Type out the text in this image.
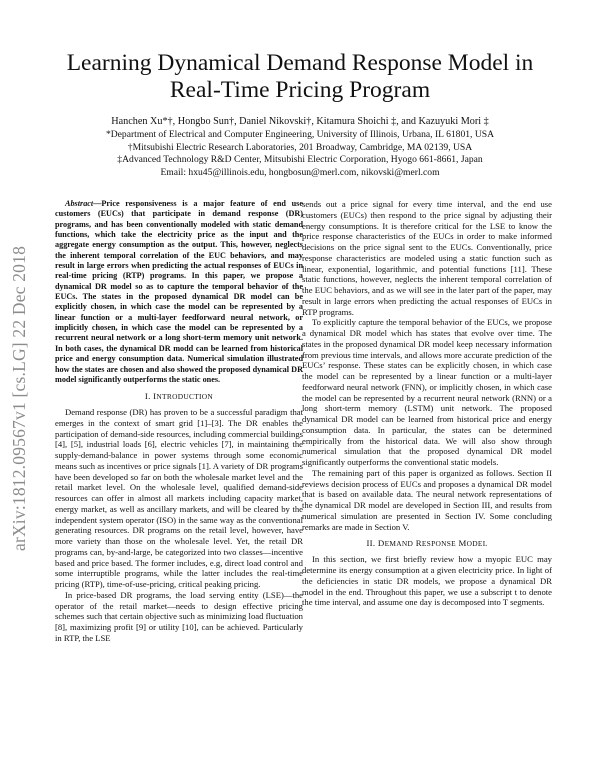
arXiv:1812.09567v1 [cs.LG] 22 Dec 2018
Learning Dynamical Demand Response Model in
Real-Time Pricing Program
Hanchen Xu*†, Hongbo Sun†, Daniel Nikovski†, Kitamura Shoichi ‡, and Kazuyuki Mori ‡
*Department of Electrical and Computer Engineering, University of Illinois, Urbana, IL 61801, USA
†Mitsubishi Electric Research Laboratories, 201 Broadway, Cambridge, MA 02139, USA
‡Advanced Technology R&D Center, Mitsubishi Electric Corporation, Hyogo 661-8661, Japan
Email: hxu45@illinois.edu, hongbosun@merl.com, nikovski@merl.com

Abstract—Price responsiveness is a major feature of end use customers (EUCs) that participate in demand response (DR) programs, and has been conventionally modeled with static demand functions, which take the electricity price as the input and the aggregate energy consumption as the output. This, however, neglects the inherent temporal correlation of the EUC behaviors, and may result in large errors when predicting the actual responses of EUCs in real-time pricing (RTP) programs. In this paper, we propose a dynamical DR model so as to capture the temporal behavior of the EUCs. The states in the proposed dynamical DR model can be explicitly chosen, in which case the model can be represented by a linear function or a multi-layer feedforward neural network, or implicitly chosen, in which case the model can be represented by a recurrent neural network or a long short-term memory unit network. In both cases, the dynamical DR modd can be learned from historical price and energy consumption data. Numerical simulation illustrated how the states are chosen and also showed the proposed dynamical DR model significantly outperforms the static ones.

I. INTRODUCTION

Demand response (DR) has proven to be a successful paradigm that emerges in the context of smart grid [1]–[3]. The DR enables the participation of demand-side resources, including commercial buildings [4], [5], industrial loads [6], electric vehicles [7], in maintaining the supply-demand-balance in power systems through some economic means such as incentives or price signals [1]. A variety of DR programs have been developed so far on both the wholesale market level and the retail market level. On the wholesale level, qualified demand-side resources can offer in almost all markets including capacity market, energy market, as well as ancillary markets, and will be cleared by the independent system operator (ISO) in the same way as the conventional generating resources. DR programs on the retail level, however, have more variety than those on the wholesale level. Yet, the retail DR programs can, by-and-large, be categorized into two classes—incentive based and price based. The former includes, e.g, direct load control and some interruptible programs, while the latter includes the real-time pricing (RTP), time-of-use-pricing, critical peaking pricing.

In price-based DR programs, the load serving entity (LSE)—the operator of the retail market—needs to design effective pricing schemes such that certain objective such as minimizing load fluctuation [8], maximizing profit [9] or utility [10], can be achieved. Particularly in RTP, the LSE

sends out a price signal for every time interval, and the end use customers (EUCs) then respond to the price signal by adjusting their energy consumptions. It is therefore critical for the LSE to know the price response characteristics of the EUCs in order to make informed decisions on the price signal sent to the EUCs. Conventionally, price response characteristics are modeled using a static function such as linear, exponential, logarithmic, and potential functions [11]. These static functions, however, neglects the inherent temporal correlation of the EUC behaviors, and as we will see in the later part of the paper, may result in large errors when predicting the actual responses of EUCs in RTP programs.

To explicitly capture the temporal behavior of the EUCs, we propose a dynamical DR model which has states that evolve over time. The states in the proposed dynamical DR model keep necessary information from previous time intervals, and allows more accurate prediction of the EUCs’ response. These states can be explicitly chosen, in which case the model can be represented by a linear function or a multi-layer feedforward neural network (FNN), or implicitly chosen, in which case the model can be represented by a recurrent neural network (RNN) or a long short-term memory (LSTM) unit network. The proposed dynamical DR model can be learned from historical price and energy consumption data. In particular, the states can be determined empirically from the historical data. We will also show through numerical simulation that the proposed dynamical DR model significantly outperforms the conventional static models.

The remaining part of this paper is organized as follows. Section II reviews decision process of EUCs and proposes a dynamical DR model that is based on available data. The neural network representations of the dynamical DR model are developed in Section III, and results from numerical simulation are presented in Section IV. Some concluding remarks are made in Section V.

II. DEMAND RESPONSE MODEL

In this section, we first briefly review how a myopic EUC may determine its energy consumption at a given electricity price. In light of the deficiencies in static DR models, we propose a dynamical DR model in the end. Throughout this paper, we use a subscript t to denote the time interval, and assume one day is decomposed into T segments.
